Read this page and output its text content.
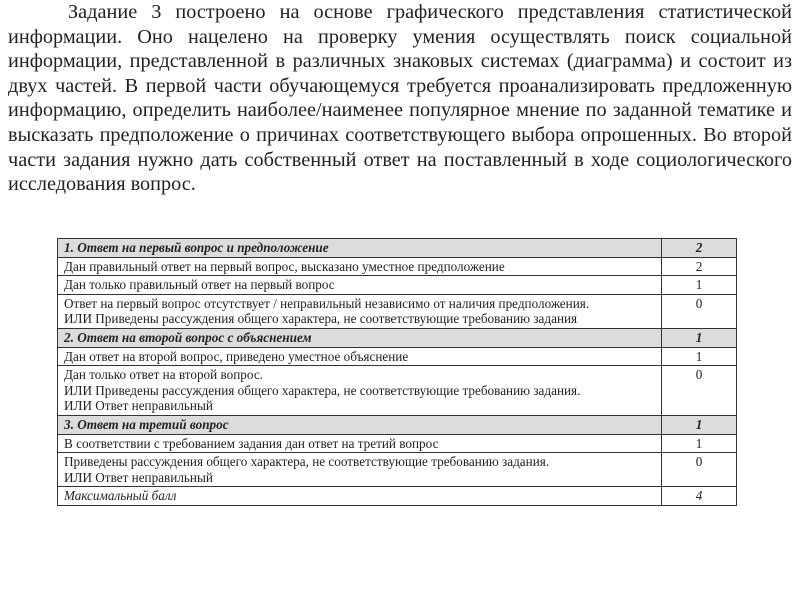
Задание 3 построено на основе графического представления статистической информации. Оно нацелено на проверку умения осуществлять поиск социальной информации, представленной в различных знаковых системах (диаграмма) и состоит из двух частей. В первой части обучающемуся требуется проанализировать предложенную информацию, определить наиболее/наименее популярное мнение по заданной тематике и высказать предположение о причинах соответствующего выбора опрошенных. Во второй части задания нужно дать собственный ответ на поставленный в ходе социологического исследования вопрос.

1. Ответ на первый вопрос и предположение	2
Дан правильный ответ на первый вопрос, высказано уместное предположение	2
Дан только правильный ответ на первый вопрос	1

Ответ на первый вопрос отсутствует / неправильный независимо от наличия предположения.
ИЛИ Приведены рассуждения общего характера, не соответствующие требованию задания	0
2. Ответ на второй вопрос с объяснением	1
Дан ответ на второй вопрос, приведено уместное объяснение	1

Дан только ответ на второй вопрос.
ИЛИ Приведены рассуждения общего характера, не соответствующие требованию задания.
ИЛИ Ответ неправильный	0
3. Ответ на третий вопрос	1
В соответствии с требованием задания дан ответ на третий вопрос	1

Приведены рассуждения общего характера, не соответствующие требованию задания.
ИЛИ Ответ неправильный	0
Максимальный балл	4
